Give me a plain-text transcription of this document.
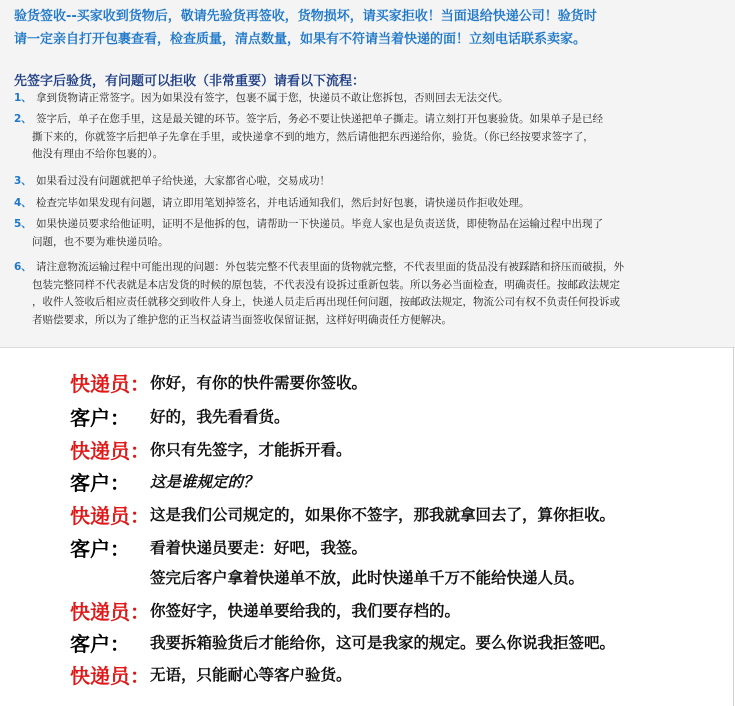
验货签收--买家收到货物后，敬请先验货再签收，货物损坏，请买家拒收！当面退给快递公司！验货时
请一定亲自打开包裹查看，检查质量，清点数量，如果有不符请当着快递的面！立刻电话联系卖家。
先签字后验货，有问题可以拒收（非常重要）请看以下流程：
1、 拿到货物请正常签字。因为如果没有签字，包裹不属于您，快递员不敢让您拆包，否则回去无法交代。
2、 签字后，单子在您手里，这是最关键的环节。签字后，务必不要让快递把单子撕走。请立刻打开包裹验货。如果单子是已经
撕下来的，你就签字后把单子先拿在手里，或快递拿不到的地方，然后请他把东西递给你，验货。（你已经按要求签字了，
他没有理由不给你包裹的）。
3、 如果看过没有问题就把单子给快递，大家都省心啦，交易成功！
4、 检查完毕如果发现有问题，请立即用笔划掉签名，并电话通知我们，然后封好包裹，请快递员作拒收处理。
5、 如果快递员要求给他证明，证明不是他拆的包，请帮助一下快递员。毕竟人家也是负责送货，即使物品在运输过程中出现了
问题，也不要为难快递员哈。
6、 请注意物流运输过程中可能出现的问题：外包装完整不代表里面的货物就完整，不代表里面的货品没有被踩踏和挤压而破损，外
包装完整同样不代表就是本店发货的时候的原包装，不代表没有设拆过重新包装。所以务必当面检查，明确责任。按邮政法规定
，收件人签收后相应责任就移交到收件人身上，快递人员走后再出现任何问题，按邮政法规定，物流公司有权不负责任何投诉或
者赔偿要求，所以为了维护您的正当权益请当面签收保留证据，这样好明确责任方便解决。
快递员： 你好，有你的快件需要你签收。
客户：	好的，我先看看货。
快递员： 你只有先签字，才能拆开看。
客户：	这是谁规定的？
快递员： 这是我们公司规定的，如果你不签字，那我就拿回去了，算你拒收。
客户：	看着快递员要走：好吧，我签。
签完后客户拿着快递单不放，此时快递单千万不能给快递人员。
快递员： 你签好字，快递单要给我的，我们要存档的。
客户：	我要拆箱验货后才能给你，这可是我家的规定。要么你说我拒签吧。
快递员： 无语，只能耐心等客户验货。
